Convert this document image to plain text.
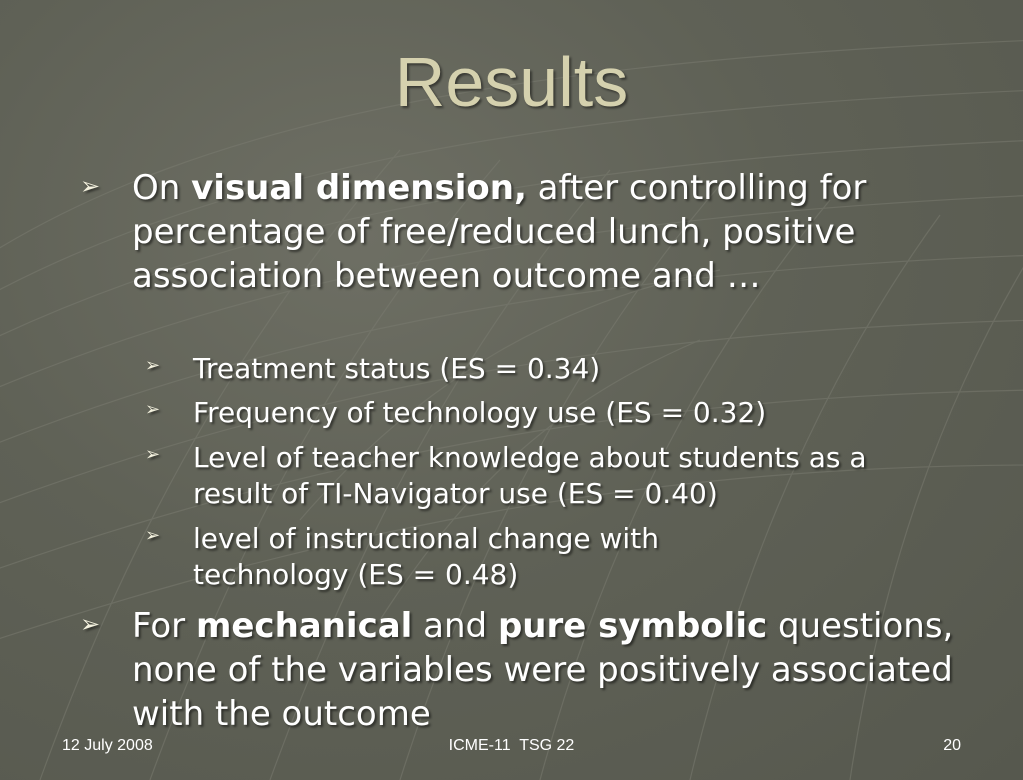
Results
➢ On visual dimension, after controlling for percentage of free/reduced lunch, positive association between outcome and …
➢ Treatment status (ES = 0.34)
➢ Frequency of technology use (ES = 0.32)
➢ Level of teacher knowledge about students as a result of TI-Navigator use (ES = 0.40)
➢ level of instructional change with technology (ES = 0.48)
➢ For mechanical and pure symbolic questions, none of the variables were positively associated with the outcome
12 July 2008	ICME-11  TSG 22	20
